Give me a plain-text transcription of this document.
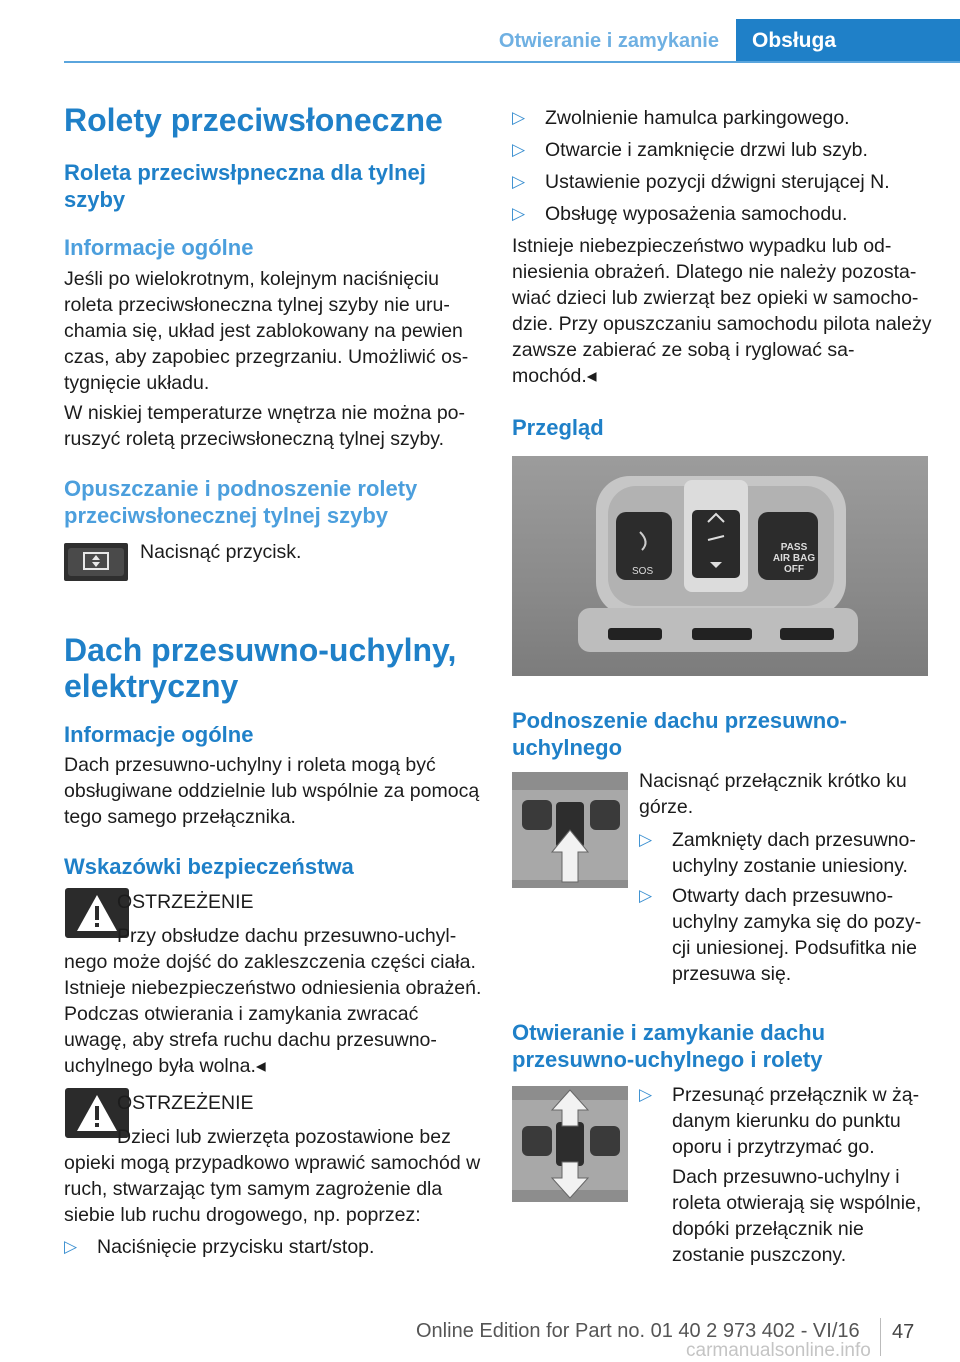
Otwieranie i zamykanie	Obsługa
Rolety przeciwsłoneczne
Roleta przeciwsłpneczna dla tylnej szyby
Informacje ogólne
Jeśli po wielokrotnym, kolejnym naciśnięciu roleta przeciwsłoneczna tylnej szyby nie uruchamia się, układ jest zablokowany na pewien czas, aby zapobiec przegrzaniu. Umożliwić ostygnięcie układu.
W niskiej temperaturze wnętrza nie można poruszyć roletą przeciwsłoneczną tylnej szyby.
Opuszczanie i podnoszenie rolety przeciwsłonecznej tylnej szyby
Nacisnąć przycisk.
Dach przesuwno-uchylny, elektryczny
Informacje ogólne
Dach przesuwno-uchylny i roleta mogą być obsługiwane oddzielnie lub wspólnie za pomocą tego samego przełącznika.
Wskazówki bezpieczeństwa
OSTRZEŻENIE
Przy obsłudze dachu przesuwno-uchylnego może dojść do zakleszczenia części ciała. Istnieje niebezpieczeństwo odniesienia obrażeń. Podczas otwierania i zamykania zwracać uwagę, aby strefa ruchu dachu przesuwno-uchylnego była wolna.◂
OSTRZEŻENIE
Dzieci lub zwierzęta pozostawione bez opieki mogą przypadkowo wprawić samochód w ruch, stwarzając tym samym zagrożenie dla siebie lub ruchu drogowego, np. poprzez:
▷ Naciśnięcie przycisku start/stop.
▷ Zwolnienie hamulca parkingowego.
▷ Otwarcie i zamknięcie drzwi lub szyb.
▷ Ustawienie pozycji dźwigni sterującej N.
▷ Obsługę wyposażenia samochodu.
Istnieje niebezpieczeństwo wypadku lub odniesienia obrażeń. Dlatego nie należy pozostawiać dzieci lub zwierząt bez opieki w samochodzie. Przy opuszczaniu samochodu pilota należy zawsze zabierać ze sobą i ryglować samochód.◂
Przegląd
SOS
PASS
AIR BAG
OFF
Podnoszenie dachu przesuwno-uchylnego
Nacisnąć przełącznik krótko ku górze.
▷ Zamknięty dach przesuwno-uchylny zostanie uniesiony.
▷ Otwarty dach przesuwno-uchylny zamyka się do pozycji uniesionej. Podsufitka nie przesuwa się.
Otwieranie i zamykanie dachu przesuwno-uchylnego i rolety
▷ Przesunąć przełącznik w żądanym kierunku do punktu oporu i przytrzymać go.
Dach przesuwno-uchylny i roleta otwierają się wspólnie, dopóki przełącznik nie zostanie puszczony.
Online Edition for Part no. 01 40 2 973 402 - VI/16 47
carmanualsonline.info
